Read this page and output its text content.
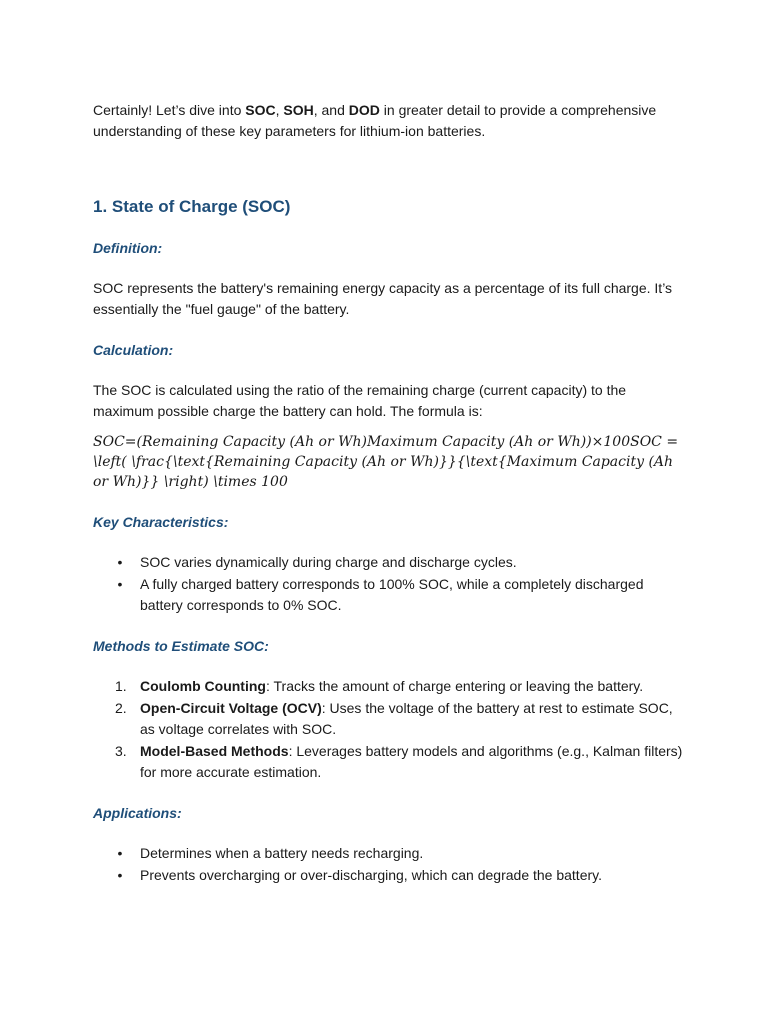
Certainly! Let’s dive into SOC, SOH, and DOD in greater detail to provide a comprehensive understanding of these key parameters for lithium-ion batteries.

1. State of Charge (SOC)

Definition:

SOC represents the battery's remaining energy capacity as a percentage of its full charge. It’s essentially the "fuel gauge" of the battery.

Calculation:

The SOC is calculated using the ratio of the remaining charge (current capacity) to the maximum possible charge the battery can hold. The formula is:

SOC=(Remaining Capacity (Ah or Wh)Maximum Capacity (Ah or Wh))×100SOC = \left( \frac{\text{Remaining Capacity (Ah or Wh)}}{\text{Maximum Capacity (Ah or Wh)}} \right) \times 100

Key Characteristics:

• SOC varies dynamically during charge and discharge cycles.
• A fully charged battery corresponds to 100% SOC, while a completely discharged battery corresponds to 0% SOC.

Methods to Estimate SOC:

1. Coulomb Counting: Tracks the amount of charge entering or leaving the battery.
2. Open-Circuit Voltage (OCV): Uses the voltage of the battery at rest to estimate SOC, as voltage correlates with SOC.
3. Model-Based Methods: Leverages battery models and algorithms (e.g., Kalman filters) for more accurate estimation.

Applications:

• Determines when a battery needs recharging.
• Prevents overcharging or over-discharging, which can degrade the battery.
